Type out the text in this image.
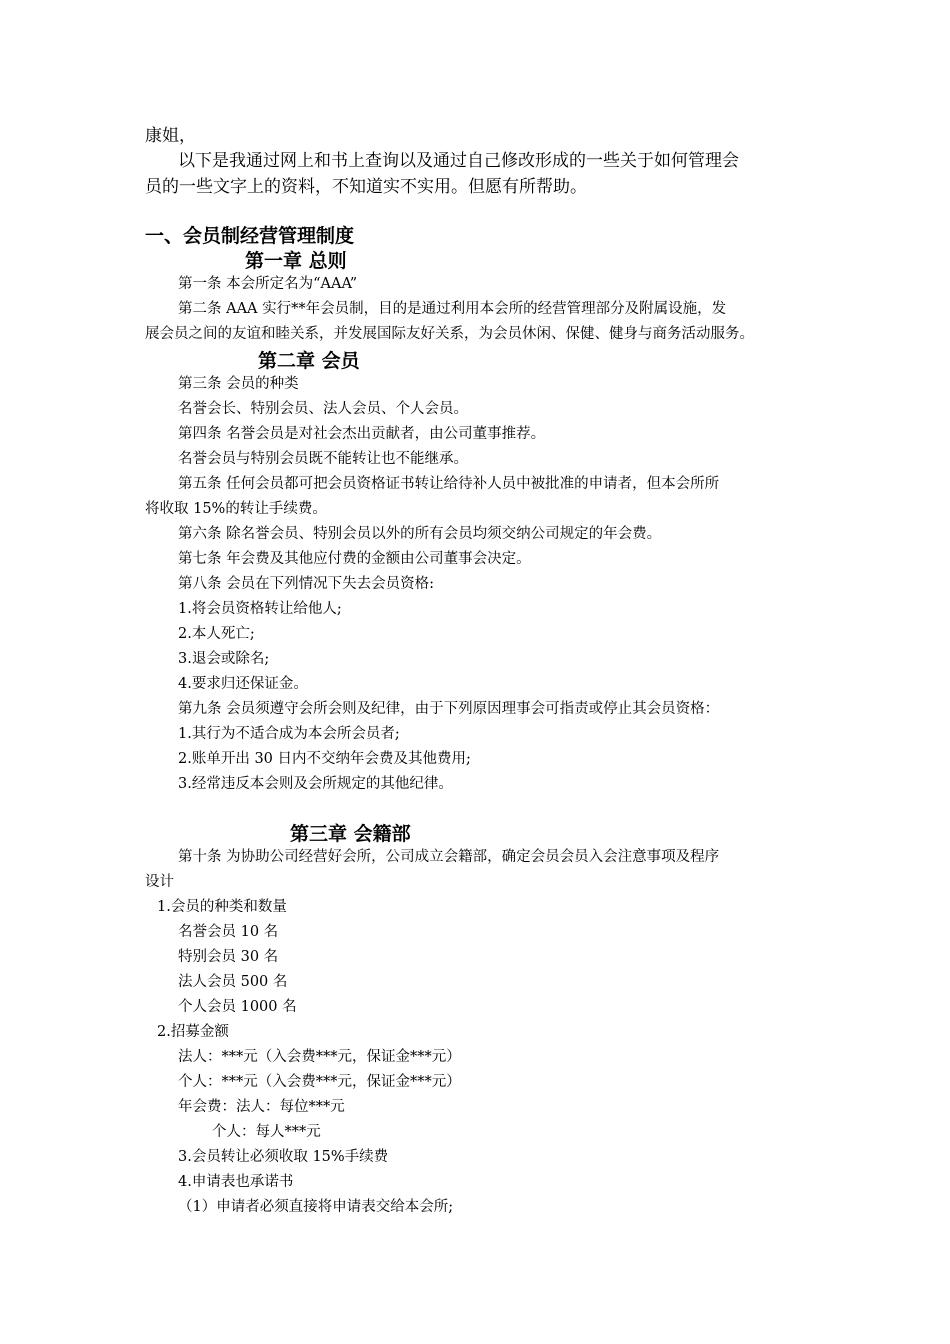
康姐，
以下是我通过网上和书上查询以及通过自己修改形成的一些关于如何管理会
员的一些文字上的资料，不知道实不实用。但愿有所帮助。
一、会员制经营管理制度
第一章 总则
第一条 本会所定名为“AAA”
第二条 AAA 实行**年会员制，目的是通过利用本会所的经营管理部分及附属设施，发
展会员之间的友谊和睦关系，并发展国际友好关系，为会员休闲、保健、健身与商务活动服务。
第二章 会员
第三条 会员的种类
名誉会长、特别会员、法人会员、个人会员。
第四条 名誉会员是对社会杰出贡献者，由公司董事推荐。
名誉会员与特别会员既不能转让也不能继承。
第五条 任何会员都可把会员资格证书转让给待补人员中被批准的申请者，但本会所所
将收取 15%的转让手续费。
第六条 除名誉会员、特别会员以外的所有会员均须交纳公司规定的年会费。
第七条 年会费及其他应付费的金额由公司董事会决定。
第八条 会员在下列情况下失去会员资格:
1.将会员资格转让给他人;
2.本人死亡;
3.退会或除名;
4.要求归还保证金。
第九条 会员须遵守会所会则及纪律，由于下列原因理事会可指责或停止其会员资格：
1.其行为不适合成为本会所会员者;
2.账单开出 30 日内不交纳年会费及其他费用;
3.经常违反本会则及会所规定的其他纪律。
第三章 会籍部
第十条 为协助公司经营好会所，公司成立会籍部，确定会员会员入会注意事项及程序
设计
1.会员的种类和数量
名誉会员 10 名
特别会员 30 名
法人会员 500 名
个人会员 1000 名
2.招募金额
法人：***元（入会费***元，保证金***元）
个人：***元（入会费***元，保证金***元）
年会费：法人：每位***元
个人：每人***元
3.会员转让必须收取 15%手续费
4.申请表也承诺书
（1）申请者必须直接将申请表交给本会所;
